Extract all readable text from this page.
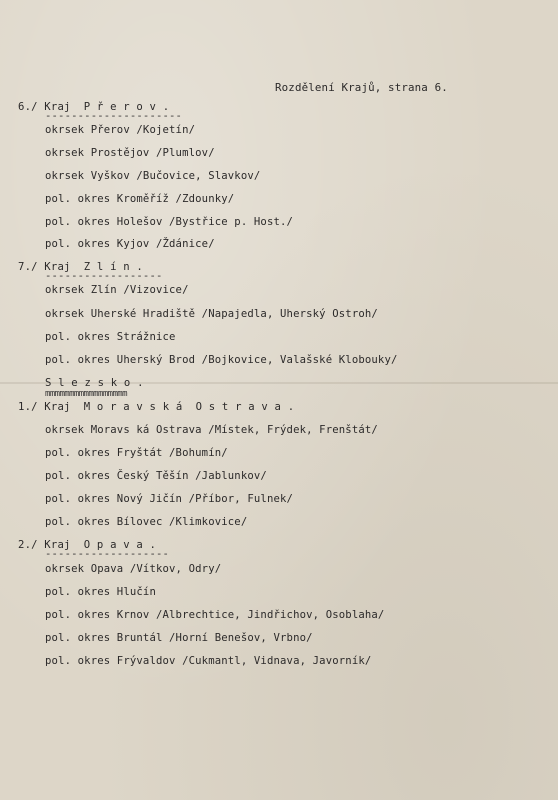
Rozdělení Krajů, strana 6.

6./ Kraj  P ř e r o v .

---------------------

okrsek Přerov /Kojetín/

okrsek Prostějov /Plumlov/

okrsek Vyškov /Bučovice, Slavkov/

pol. okres Kroměříž /Zdounky/

pol. okres Holešov /Bystřice p. Host./

pol. okres Kyjov /Ždánice/

7./ Kraj  Z l í n .

------------------

okrsek Zlín /Vizovice/

okrsek Uherské Hradiště /Napajedla, Uherský Ostroh/

pol. okres Strážnice

pol. okres Uherský Brod /Bojkovice, Valašské Klobouky/

S l e z s k o .

mmmmmmmmmmmmmmmmm

1./ Kraj  M o r a v s k á  O s t r a v a .

okrsek Moravs ká Ostrava /Místek, Frýdek, Frenštát/

pol. okres Fryštát /Bohumín/

pol. okres Český Těšín /Jablunkov/

pol. okres Nový Jičín /Příbor, Fulnek/

pol. okres Bílovec /Klimkovice/

2./ Kraj  O p a v a .

-------------------

okrsek Opava /Vítkov, Odry/

pol. okres Hlučín

pol. okres Krnov /Albrechtice, Jindřichov, Osoblaha/

pol. okres Bruntál /Horní Benešov, Vrbno/

pol. okres Frývaldov /Cukmantl, Vidnava, Javorník/
